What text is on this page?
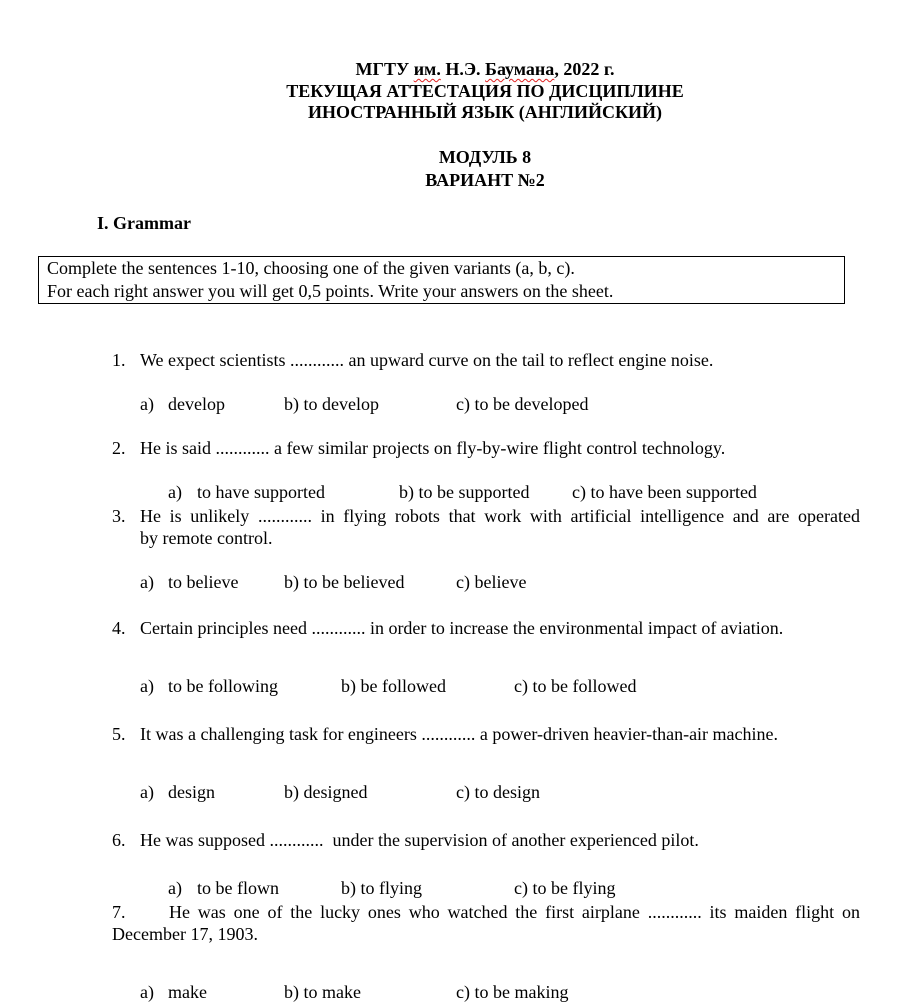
МГТУ им. Н.Э. Баумана, 2022 г.
ТЕКУЩАЯ АТТЕСТАЦИЯ ПО ДИСЦИПЛИНЕ
ИНОСТРАННЫЙ ЯЗЫК (АНГЛИЙСКИЙ)
МОДУЛЬ 8
ВАРИАНТ №2
I. Grammar
Complete the sentences 1-10, choosing one of the given variants (a, b, c).
For each right answer you will get 0,5 points. Write your answers on the sheet.
1. We expect scientists ............ an upward curve on the tail to reflect engine noise.
a) develop	b) to develop	c) to be developed
2. He is said ............ a few similar projects on fly-by-wire flight control technology.
a) to have supported	b) to be supported c) to have been supported
3. He is unlikely ............ in flying robots that work with artificial intelligence and are operated
by remote control.
a) to believe	b) to be believed	c) believe
4. Certain principles need ............ in order to increase the environmental impact of aviation.
a) to be following	b) be followed	c) to be followed
5. It was a challenging task for engineers ............ a power-driven heavier-than-air machine.
a) design	b) designed	c) to design
6. He was supposed ............  under the supervision of another experienced pilot.
a) to be flown	b) to flying	c) to be flying
7. He was one of the lucky ones who watched the first airplane ............ its maiden flight on
December 17, 1903.
a) make	b) to make	c) to be making
